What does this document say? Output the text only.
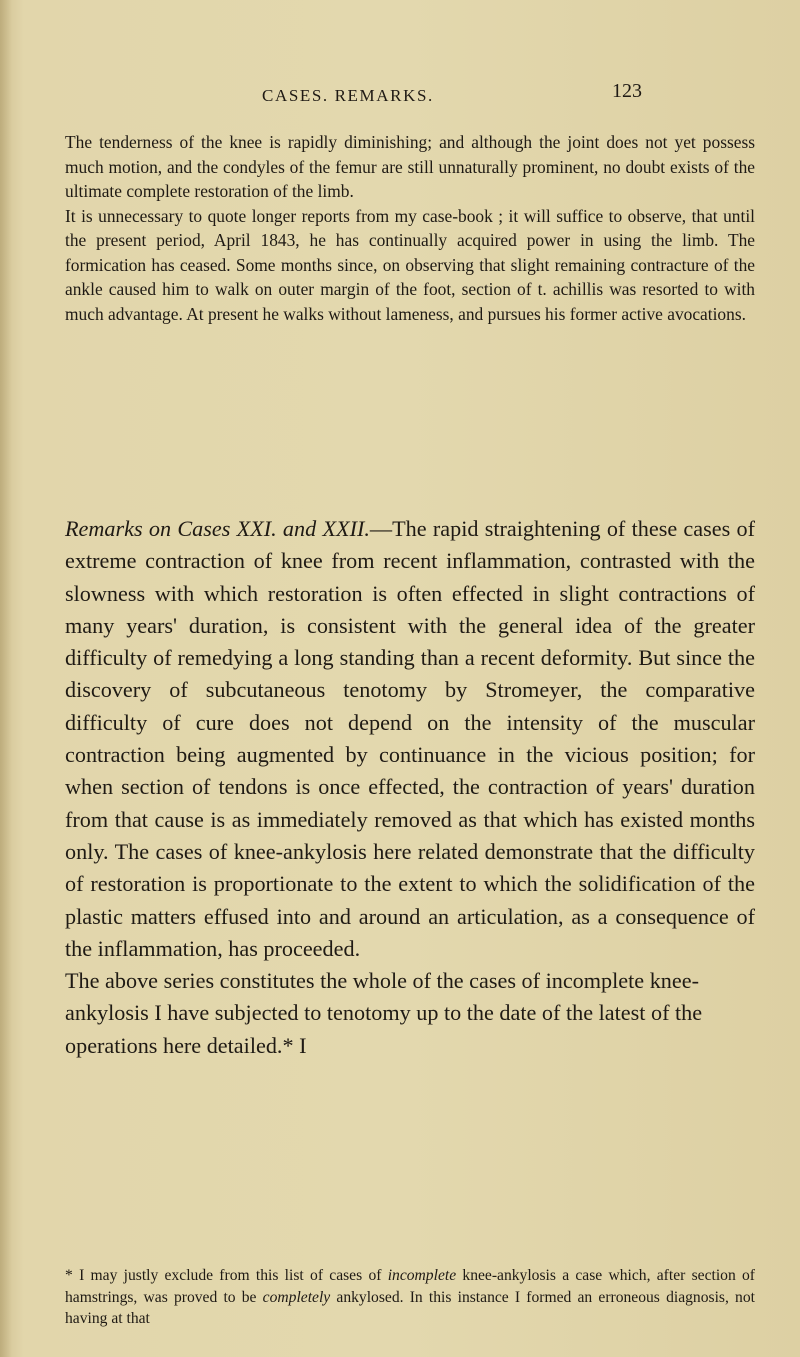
CASES. REMARKS.	123

The tenderness of the knee is rapidly diminishing; and although the joint does not yet possess much motion, and the condyles of the femur are still unnaturally prominent, no doubt exists of the ultimate complete restoration of the limb.

It is unnecessary to quote longer reports from my case-book ; it will suffice to observe, that until the present period, April 1843, he has continually acquired power in using the limb. The formication has ceased. Some months since, on observing that slight remaining contracture of the ankle caused him to walk on outer margin of the foot, section of t. achillis was resorted to with much advantage. At present he walks without lameness, and pursues his former active avocations.

Remarks on Cases XXI. and XXII.—The rapid straightening of these cases of extreme contraction of knee from recent inflammation, contrasted with the slowness with which restoration is often effected in slight contractions of many years' duration, is consistent with the general idea of the greater difficulty of remedying a long standing than a recent deformity. But since the discovery of subcutaneous tenotomy by Stromeyer, the comparative difficulty of cure does not depend on the intensity of the muscular contraction being augmented by continuance in the vicious position; for when section of tendons is once effected, the contraction of years' duration from that cause is as immediately removed as that which has existed months only. The cases of knee-ankylosis here related demonstrate that the difficulty of restoration is proportionate to the extent to which the solidification of the plastic matters effused into and around an articulation, as a consequence of the inflammation, has proceeded.

The above series constitutes the whole of the cases of incomplete knee-ankylosis I have subjected to tenotomy up to the date of the latest of the operations here detailed.* I

* I may justly exclude from this list of cases of incomplete knee-ankylosis a case which, after section of hamstrings, was proved to be completely ankylosed. In this instance I formed an erroneous diagnosis, not having at that
